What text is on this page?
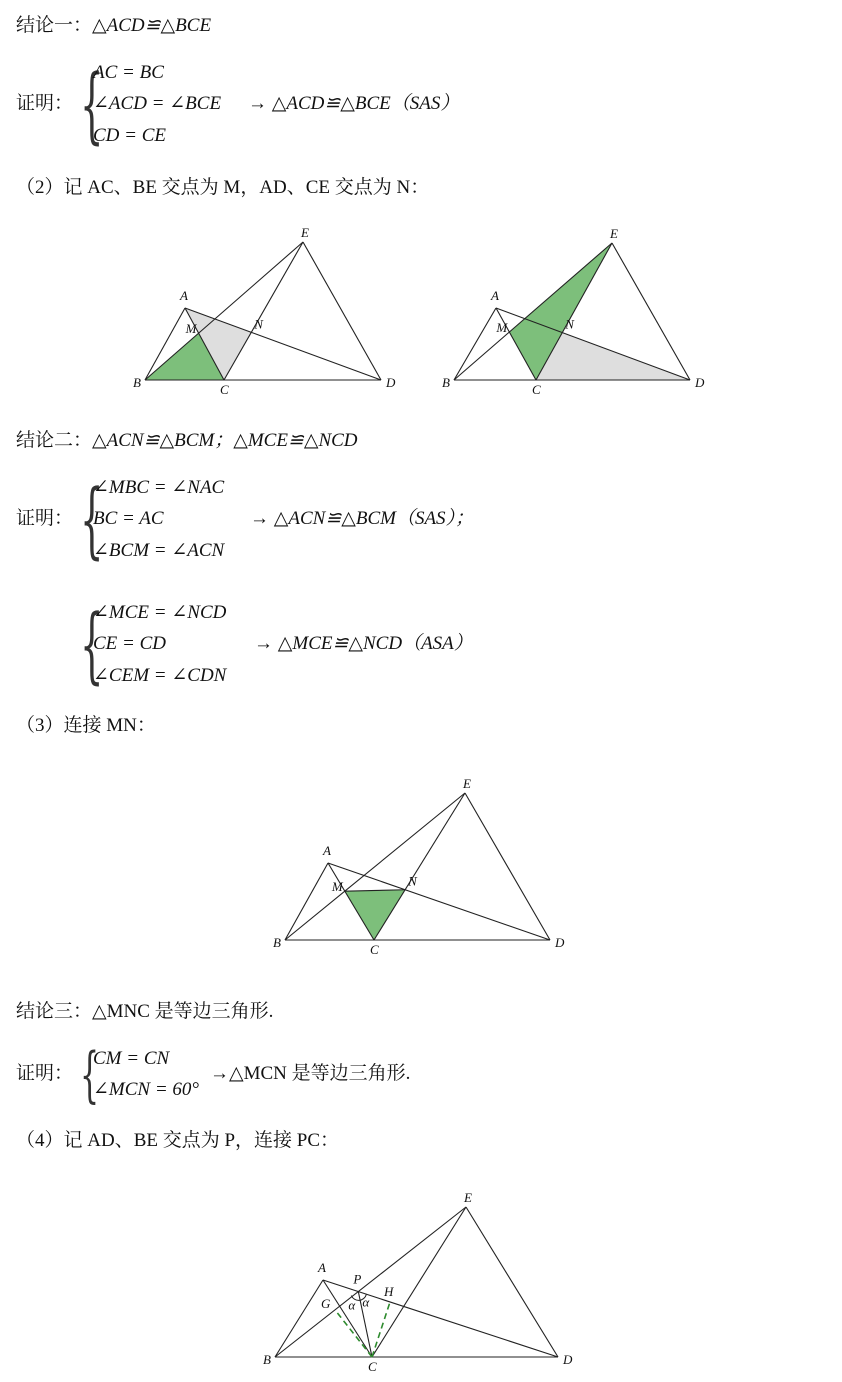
结论一：△ACD≌△BCE
证明： {
AC = BC
∠ACD = ∠BCE
CD = CE
→ △ACD≌△BCE（SAS）
（2）记 AC、BE 交点为 M，AD、CE 交点为 N：
结论二：△ACN≌△BCM；△MCE≌△NCD
证明： {
∠MBC = ∠NAC
BC = AC
∠BCM = ∠ACN
→ △ACN≌△BCM（SAS）；
{
∠MCE = ∠NCD
CE = CD
∠CEM = ∠CDN
→ △MCE≌△NCD（ASA）
（3）连接 MN：
结论三：△MNC 是等边三角形.
证明： {
CM = CN
∠MCN = 60°
→△MCN 是等边三角形.
（4）记 AD、BE 交点为 P，连接 PC：
A
B	C	D
E
M	N
A
B	C	D
E
M	N
A
B	C	D
E
M	N
A
B	C	D
E
P
G
H
α α
